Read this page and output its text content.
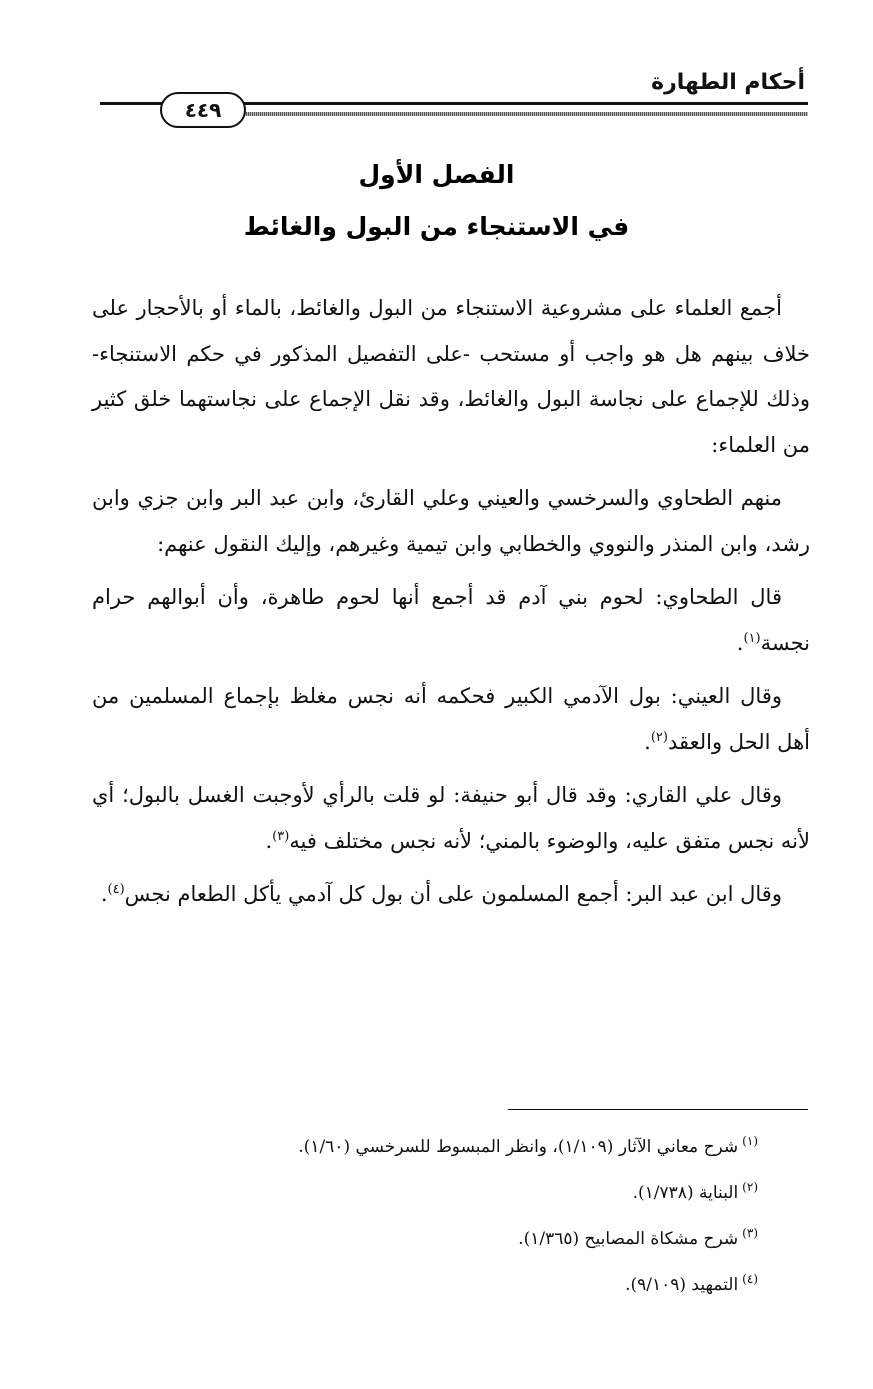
أحكام الطهارة
٤٤٩
الفصل الأول
في الاستنجاء من البول والغائط

أجمع العلماء على مشروعية الاستنجاء من البول والغائط، بالماء أو بالأحجار على خلاف بينهم هل هو واجب أو مستحب -على التفصيل المذكور في حكم الاستنجاء- وذلك للإجماع على نجاسة البول والغائط، وقد نقل الإجماع على نجاستهما خلق كثير من العلماء:

منهم الطحاوي والسرخسي والعيني وعلي القارئ، وابن عبد البر وابن جزي وابن رشد، وابن المنذر والنووي والخطابي وابن تيمية وغيرهم، وإليك النقول عنهم:

قال الطحاوي: لحوم بني آدم قد أجمع أنها لحوم طاهرة، وأن أبوالهم حرام نجسة$^{(١)}$.

وقال العيني: بول الآدمي الكبير فحكمه أنه نجس مغلظ بإجماع المسلمين من أهل الحل والعقد$^{(٢)}$.

وقال علي القاري: وقد قال أبو حنيفة: لو قلت بالرأي لأوجبت الغسل بالبول؛ أي لأنه نجس متفق عليه، والوضوء بالمني؛ لأنه نجس مختلف فيه$^{(٣)}$.

وقال ابن عبد البر: أجمع المسلمون على أن بول كل آدمي يأكل الطعام نجس$^{(٤)}$.

$^{(١)}$شرح معاني الآثار (١/١٠٩)، وانظر المبسوط للسرخسي (١/٦٠).
$^{(٢)}$البناية (١/٧٣٨).
$^{(٣)}$شرح مشكاة المصابيح (١/٣٦٥).
$^{(٤)}$التمهيد (٩/١٠٩).
